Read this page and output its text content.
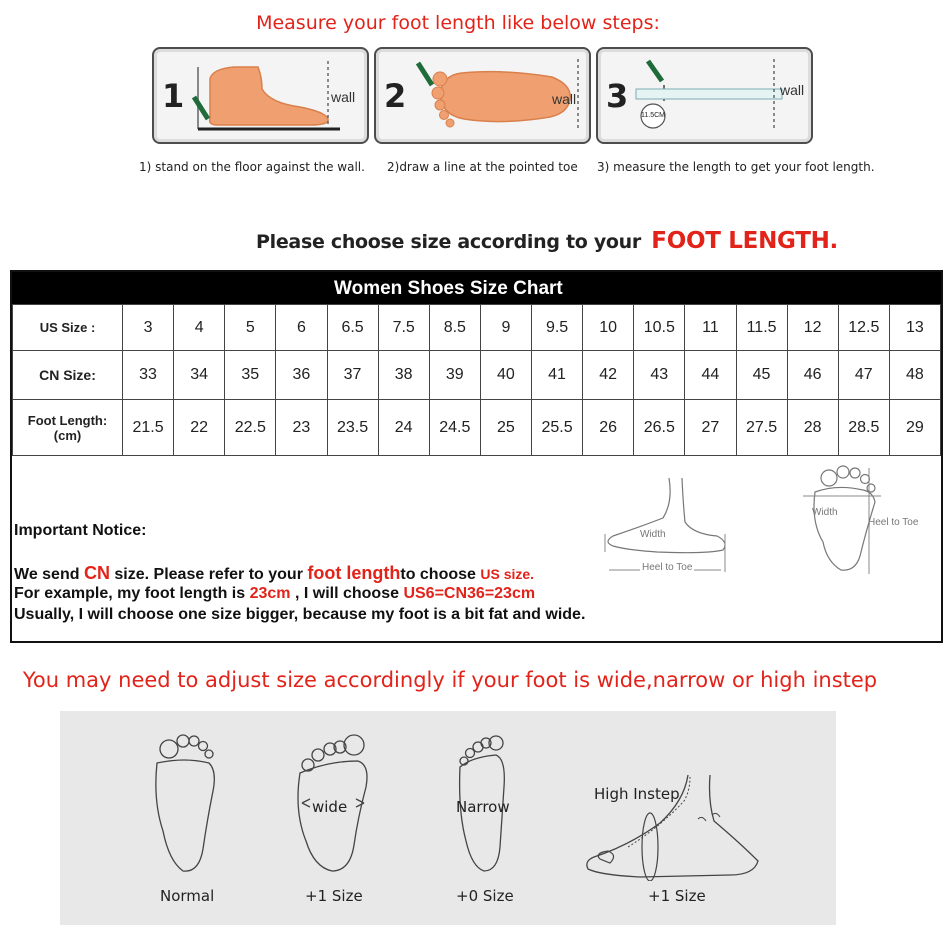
Measure your foot length like below steps:
1	wall 2	wall 3
11.5CM
wall
1) stand on the floor against the wall. 2)draw a line at the pointed toe 3) measure the length to get your foot length.
Please choose size according to your FOOT LENGTH.
Women Shoes Size Chart
US Size :	3	4	5	6	6.5	7.5	8.5	9	9.5	10	10.5	11	11.5	12	12.5	13
CN Size:	33	34	35	36	37	38	39	40	41	42	43	44	45	46	47	48

Foot Length:
(cm)	21.5	22	22.5	23	23.5	24	24.5	25	25.5	26	26.5	27	27.5	28	28.5	29
Width
Heel to Toe
Width
Heel to Toe
Important Notice:
We send CN size. Please refer to your foot lengthto choose US size.
For example, my foot length is 23cm , I will choose US6=CN36=23cm
Usually, I will choose one size bigger, because my foot is a bit fat and wide.
You may need to adjust size accordingly if your foot is wide,narrow or high instep
Normal
wide
+1 Size
Narrow
+0 Size
High Instep
+1 Size
